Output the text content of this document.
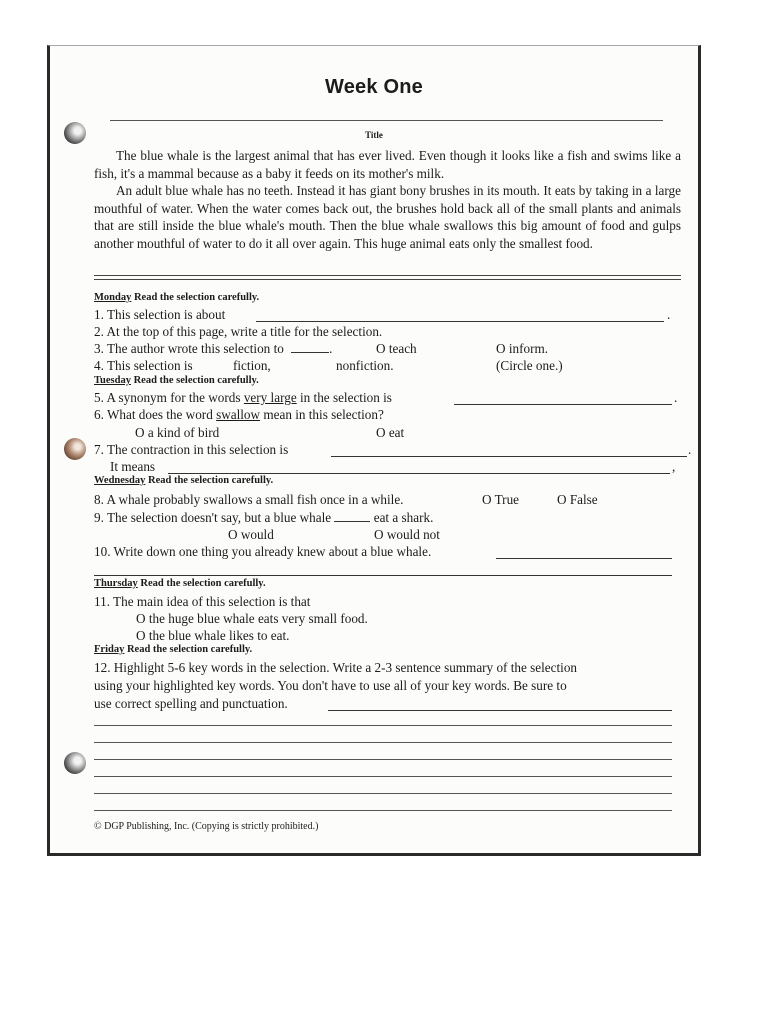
Week One
Title

The blue whale is the largest animal that has ever lived. Even though it looks like a fish and swims like a fish, it's a mammal because as a baby it feeds on its mother's milk.

An adult blue whale has no teeth. Instead it has giant bony brushes in its mouth. It eats by taking in a large mouthful of water. When the water comes back out, the brushes hold back all of the small plants and animals that are still inside the blue whale's mouth. Then the blue whale swallows this big amount of food and gulps another mouthful of water to do it all over again. This huge animal eats only the smallest food.

Monday Read the selection carefully.
1. This selection is about	.
2. At the top of this page, write a title for the selection.
3. The author wrote this selection to	.	O teach	O inform.
4. This selection is	fiction,	nonfiction.	(Circle one.)
Tuesday Read the selection carefully.
5. A synonym for the words very large in the selection is	.
6. What does the word swallow mean in this selection?
O a kind of bird	O eat
7. The contraction in this selection is	.
It means	,
Wednesday Read the selection carefully.
8. A whale probably swallows a small fish once in a while.	O True	O False
9. The selection doesn't say, but a blue whale	eat a shark.
O would	O would not
10. Write down one thing you already knew about a blue whale.
Thursday Read the selection carefully.
11. The main idea of this selection is that
O the huge blue whale eats very small food.
O the blue whale likes to eat.
Friday Read the selection carefully.
12. Highlight 5-6 key words in the selection. Write a 2-3 sentence summary of the selection
using your highlighted key words. You don't have to use all of your key words. Be sure to
use correct spelling and punctuation.
© DGP Publishing, Inc. (Copying is strictly prohibited.)
